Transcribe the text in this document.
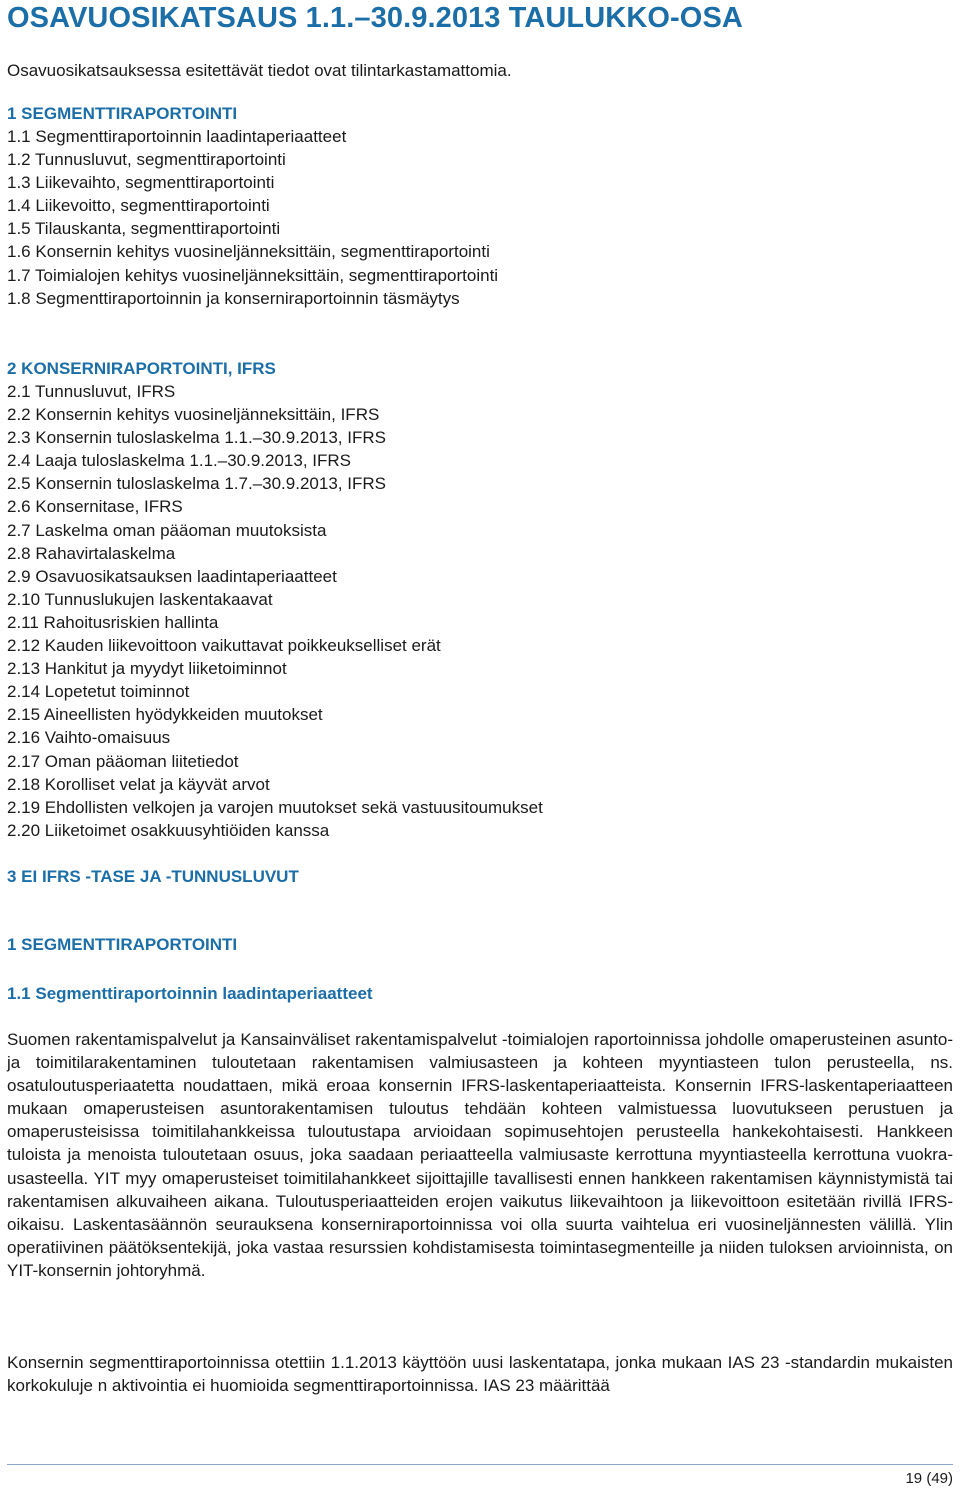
OSAVUOSIKATSAUS 1.1.–30.9.2013 TAULUKKO-OSA
Osavuosikatsauksessa esitettävät tiedot ovat tilintarkastamattomia.
1 SEGMENTTIRAPORTOINTI
1.1 Segmenttiraportoinnin laadintaperiaatteet
1.2 Tunnusluvut, segmenttiraportointi
1.3 Liikevaihto, segmenttiraportointi
1.4 Liikevoitto, segmenttiraportointi
1.5 Tilauskanta, segmenttiraportointi
1.6 Konsernin kehitys vuosineljänneksittäin, segmenttiraportointi
1.7 Toimialojen kehitys vuosineljänneksittäin, segmenttiraportointi
1.8 Segmenttiraportoinnin ja konserniraportoinnin täsmäytys
2 KONSERNIRAPORTOINTI, IFRS
2.1 Tunnusluvut, IFRS
2.2 Konsernin kehitys vuosineljänneksittäin, IFRS
2.3 Konsernin tuloslaskelma 1.1.–30.9.2013, IFRS
2.4 Laaja tuloslaskelma 1.1.–30.9.2013, IFRS
2.5 Konsernin tuloslaskelma 1.7.–30.9.2013, IFRS
2.6 Konsernitase, IFRS
2.7 Laskelma oman pääoman muutoksista
2.8 Rahavirtalaskelma
2.9 Osavuosikatsauksen laadintaperiaatteet
2.10 Tunnuslukujen laskentakaavat
2.11 Rahoitusriskien hallinta
2.12 Kauden liikevoittoon vaikuttavat poikkeukselliset erät
2.13 Hankitut ja myydyt liiketoiminnot
2.14 Lopetetut toiminnot
2.15 Aineellisten hyödykkeiden muutokset
2.16 Vaihto-omaisuus
2.17 Oman pääoman liitetiedot
2.18 Korolliset velat ja käyvät arvot
2.19 Ehdollisten velkojen ja varojen muutokset sekä vastuusitoumukset
2.20 Liiketoimet osakkuusyhtiöiden kanssa
3 EI IFRS -TASE JA -TUNNUSLUVUT
1 SEGMENTTIRAPORTOINTI
1.1 Segmenttiraportoinnin laadintaperiaatteet
Suomen rakentamispalvelut ja Kansainväliset rakentamispalvelut -toimialojen raportoinnissa johdolle omaperusteinen asunto- ja toimitilarakentaminen tuloutetaan rakentamisen valmiusasteen ja kohteen myyntiasteen tulon perusteella, ns. osatuloutusperiaatetta noudattaen, mikä eroaa konsernin IFRS-laskentaperiaatteista. Konsernin IFRS-laskentaperiaatteen mukaan omaperusteisen asuntorakentamisen tuloutus tehdään kohteen valmistuessa luovutukseen perustuen ja omaperusteisissa toimitilahankkeissa tuloutustapa arvioidaan sopimusehtojen perusteella hankekohtaisesti. Hankkeen tuloista ja menoista tuloutetaan osuus, joka saadaan periaatteella valmiusaste kerrottuna myyntiasteella kerrottuna vuokrausasteella. YIT myy omaperusteiset toimitilahankkeet sijoittajille tavallisesti ennen hankkeen rakentamisen käynnistymistä tai rakentamisen alkuvaiheen aikana. Tuloutusperiaatteiden erojen vaikutus liikevaihtoon ja liikevoittoon esitetään rivillä IFRS-oikaisu. Laskentasäännön seurauksena konserniraportoinnissa voi olla suurta vaihtelua eri vuosineljännesten välillä. Ylin operatiivinen päätöksentekijä, joka vastaa resurssien kohdistamisesta toimintasegmenteille ja niiden tuloksen arvioinnista, on YIT-konsernin johtoryhmä.
Konsernin segmenttiraportoinnissa otettiin 1.1.2013 käyttöön uusi laskentatapa, jonka mukaan IAS 23 -standardin mukaisten korkokuluje n aktivointia ei huomioida segmenttiraportoinnissa. IAS 23 määrittää
19 (49)
